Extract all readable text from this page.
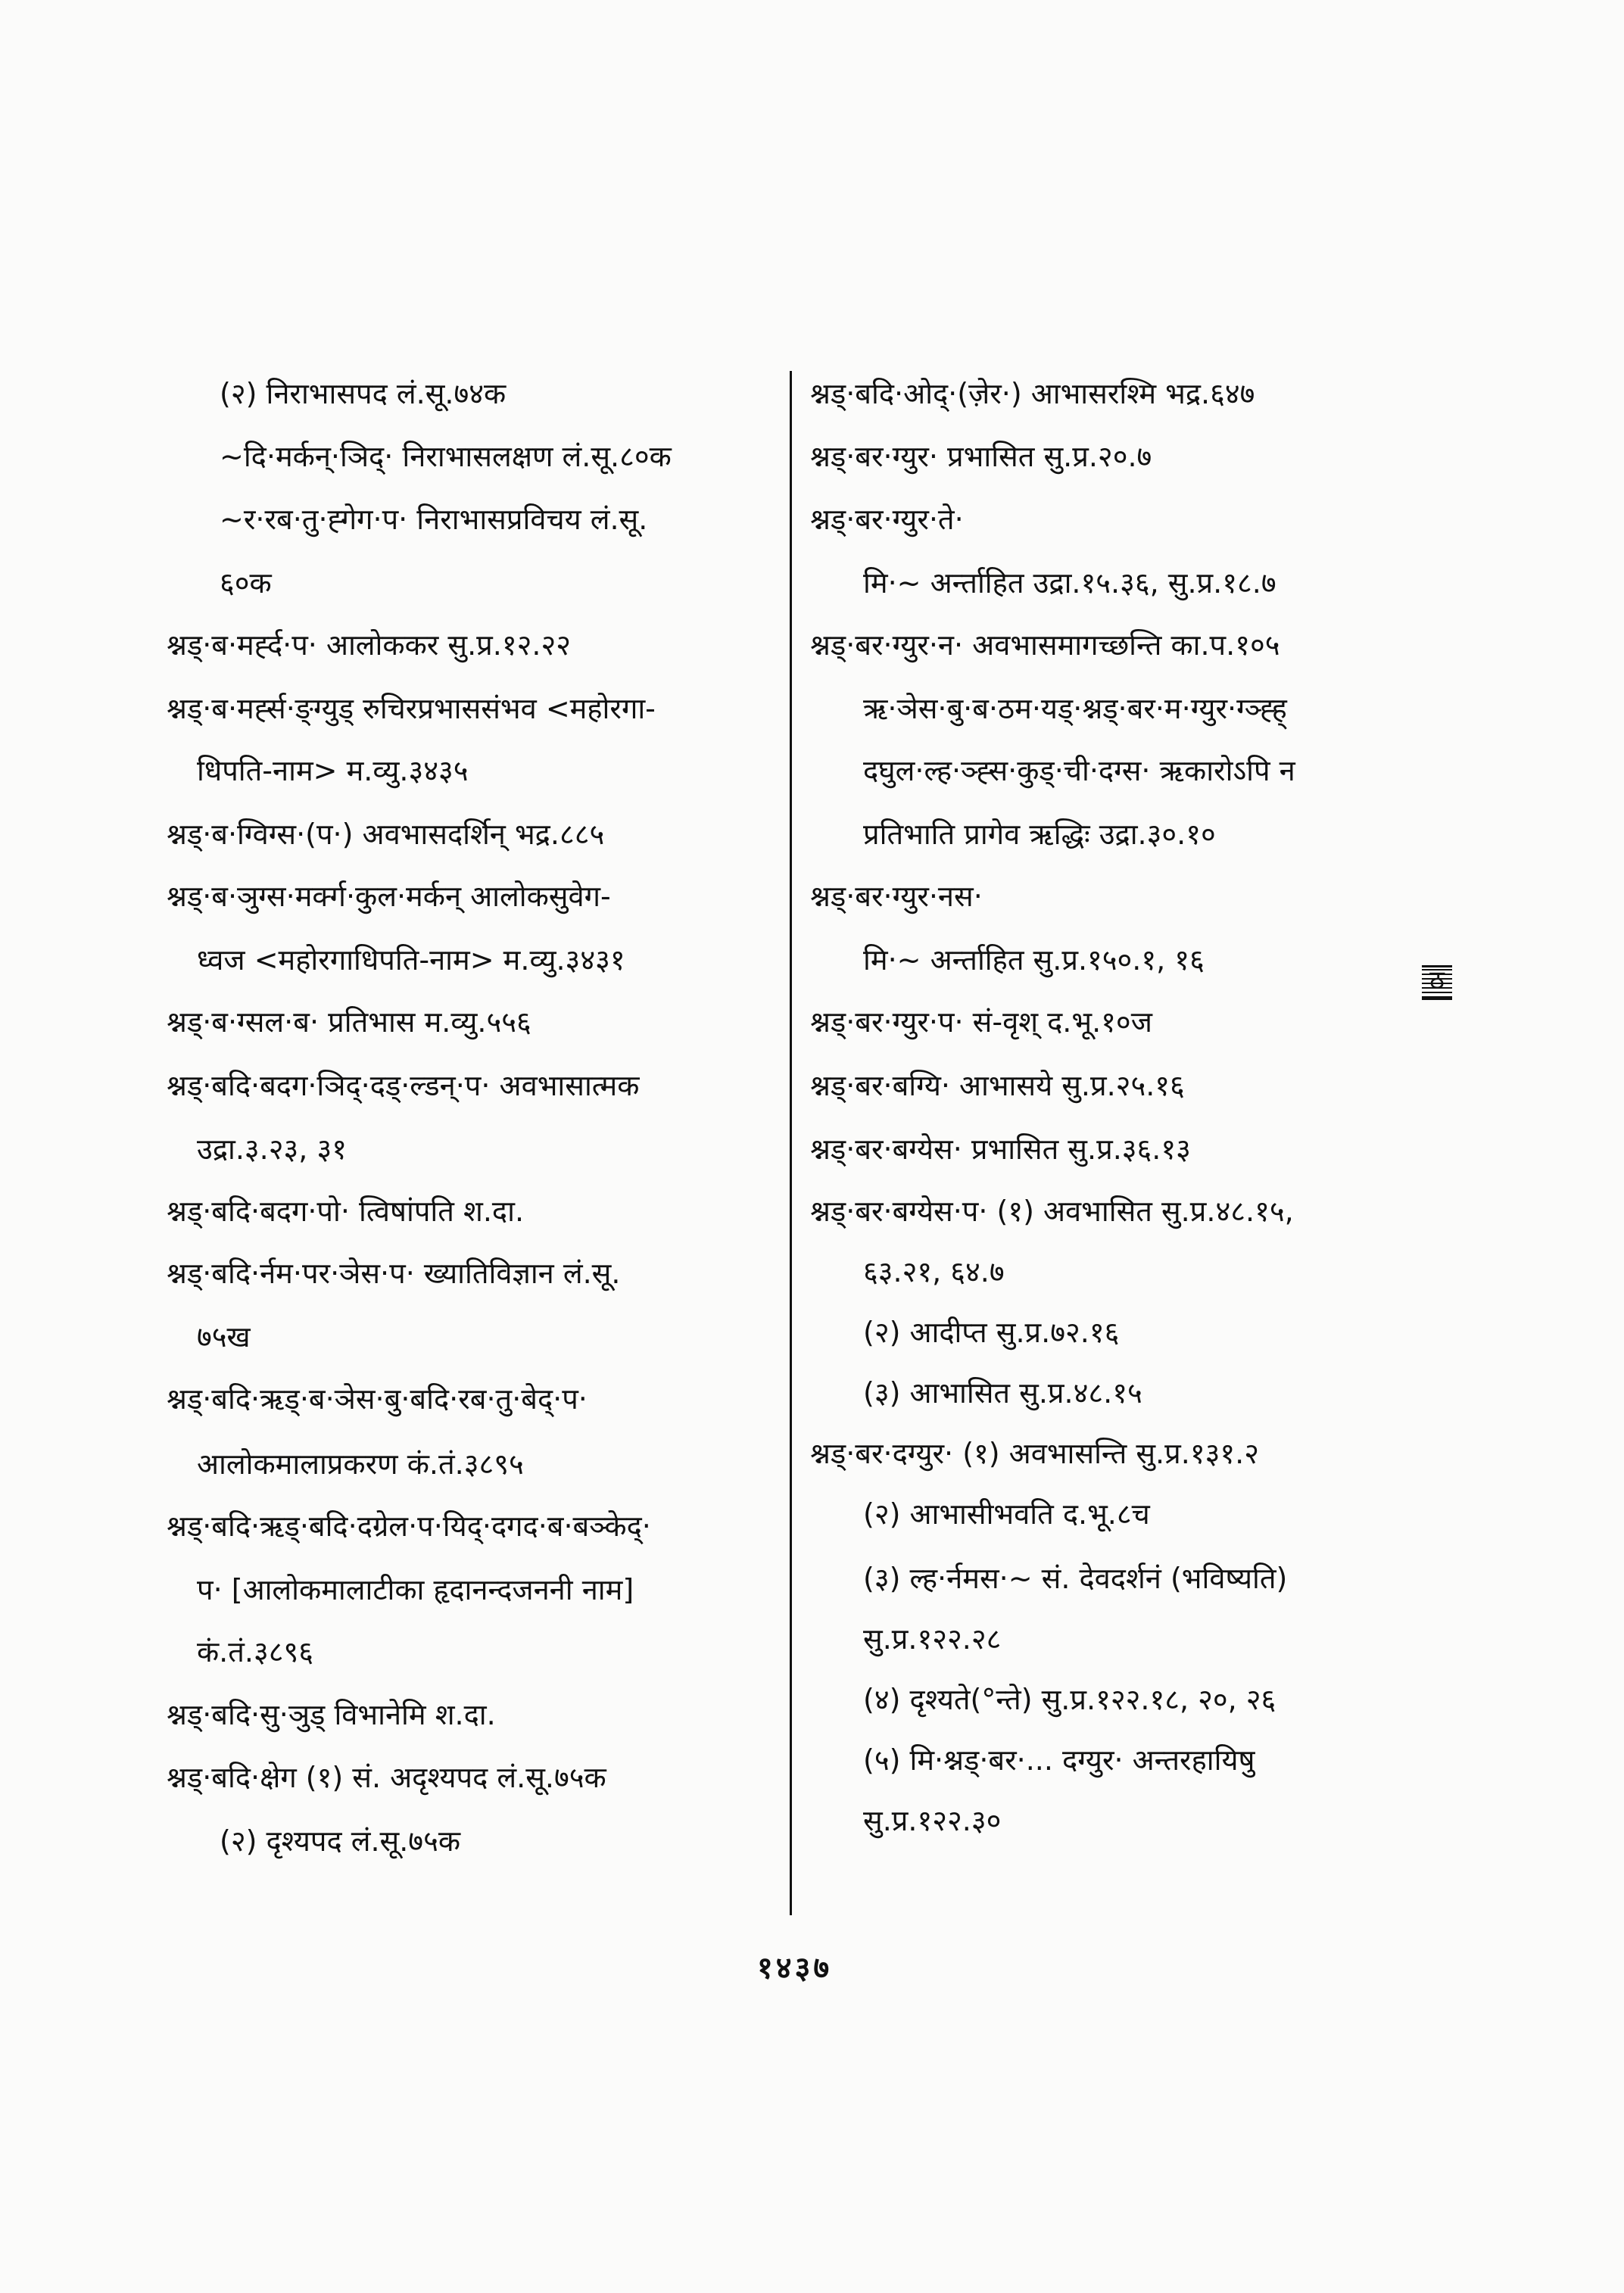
(२) निराभासपद लं.सू.७४क
~दि·मर्कन्·ञिद्· निराभासलक्षण लं.सू.८०क
~र·रब·तु·ह्गेग·प· निराभासप्रविचय लं.सू.
६०क
श्नड्·ब·मर्ह्द·प· आलोककर सु.प्र.१२.२२
श्नड्·ब·मर्ह्स·ङ्ग्युड् रुचिरप्रभाससंभव <महोरगा-
धिपति-नाम> म.व्यु.३४३५
श्नड्·ब·ग्विग्स·(प·) अवभासदर्शिन् भद्र.८८५
श्नड्·ब·ञुग्स·मर्क्ग·कुल·मर्कन् आलोकसुवेग-
ध्वज <महोरगाधिपति-नाम> म.व्यु.३४३१
श्नड्·ब·ग्सल·ब· प्रतिभास म.व्यु.५५६
श्नड्·बदि·बदग·ञिद्·दड्·ल्डन्·प· अवभासात्मक
उद्रा.३.२३, ३१
श्नड्·बदि·बदग·पो· त्विषांपति श.दा.
श्नड्·बदि·र्नम·पर·ञेस·प· ख्यातिविज्ञान लं.सू.
७५ख
श्नड्·बदि·ऋड्·ब·ञेस·बु·बदि·रब·तु·बेद्·प·
आलोकमालाप्रकरण कं.तं.३८९५
श्नड्·बदि·ऋड्·बदि·दग्रेल·प·यिद्·दगद·ब·बञ्केद्·
प· [आलोकमालाटीका हृदानन्दजननी नाम]
कं.तं.३८९६
श्नड्·बदि·सु·ञुड् विभानेमि श.दा.
श्नड्·बदि·क्षेग (१) सं. अदृश्यपद लं.सू.७५क
(२) दृश्यपद लं.सू.७५क
श्नड्·बदि·ओद्·(ज़ेर·) आभासरश्मि भद्र.६४७
श्नड्·बर·ग्युर· प्रभासित सु.प्र.२०.७
श्नड्·बर·ग्युर·ते·
मि·~ अर्न्ताहित उद्रा.१५.३६, सु.प्र.१८.७
श्नड्·बर·ग्युर·न· अवभासमागच्छन्ति का.प.१०५
ऋ·ञेस·बु·ब·ठम·यड्·श्नड्·बर·म·ग्युर·ग्ञ्ह्ह्
दघुल·ल्ह·ञ्ह्स·कुड्·ची·दग्स· ऋकारोऽपि न
प्रतिभाति प्रागेव ऋद्धिः उद्रा.३०.१०
श्नड्·बर·ग्युर·नस·
मि·~ अर्न्ताहित सु.प्र.१५०.१, १६
श्नड्·बर·ग्युर·प· सं-वृश् द.भू.१०ज
श्नड्·बर·बग्यि· आभासये सु.प्र.२५.१६
श्नड्·बर·बग्येस· प्रभासित सु.प्र.३६.१३
श्नड्·बर·बग्येस·प· (१) अवभासित सु.प्र.४८.१५,
६३.२१, ६४.७
(२) आदीप्त सु.प्र.७२.१६
(३) आभासित सु.प्र.४८.१५
श्नड्·बर·दग्युर· (१) अवभासन्ति सु.प्र.१३१.२
(२) आभासीभवति द.भू.८च
(३) ल्ह·र्नमस·~ सं. देवदर्शनं (भविष्यति)
सु.प्र.१२२.२८
(४) दृश्यते(°न्ते) सु.प्र.१२२.१८, २०, २६
(५) मि·श्नड्·बर·... दग्युर· अन्तरहायिषु
सु.प्र.१२२.३०
ठ
१४३७
